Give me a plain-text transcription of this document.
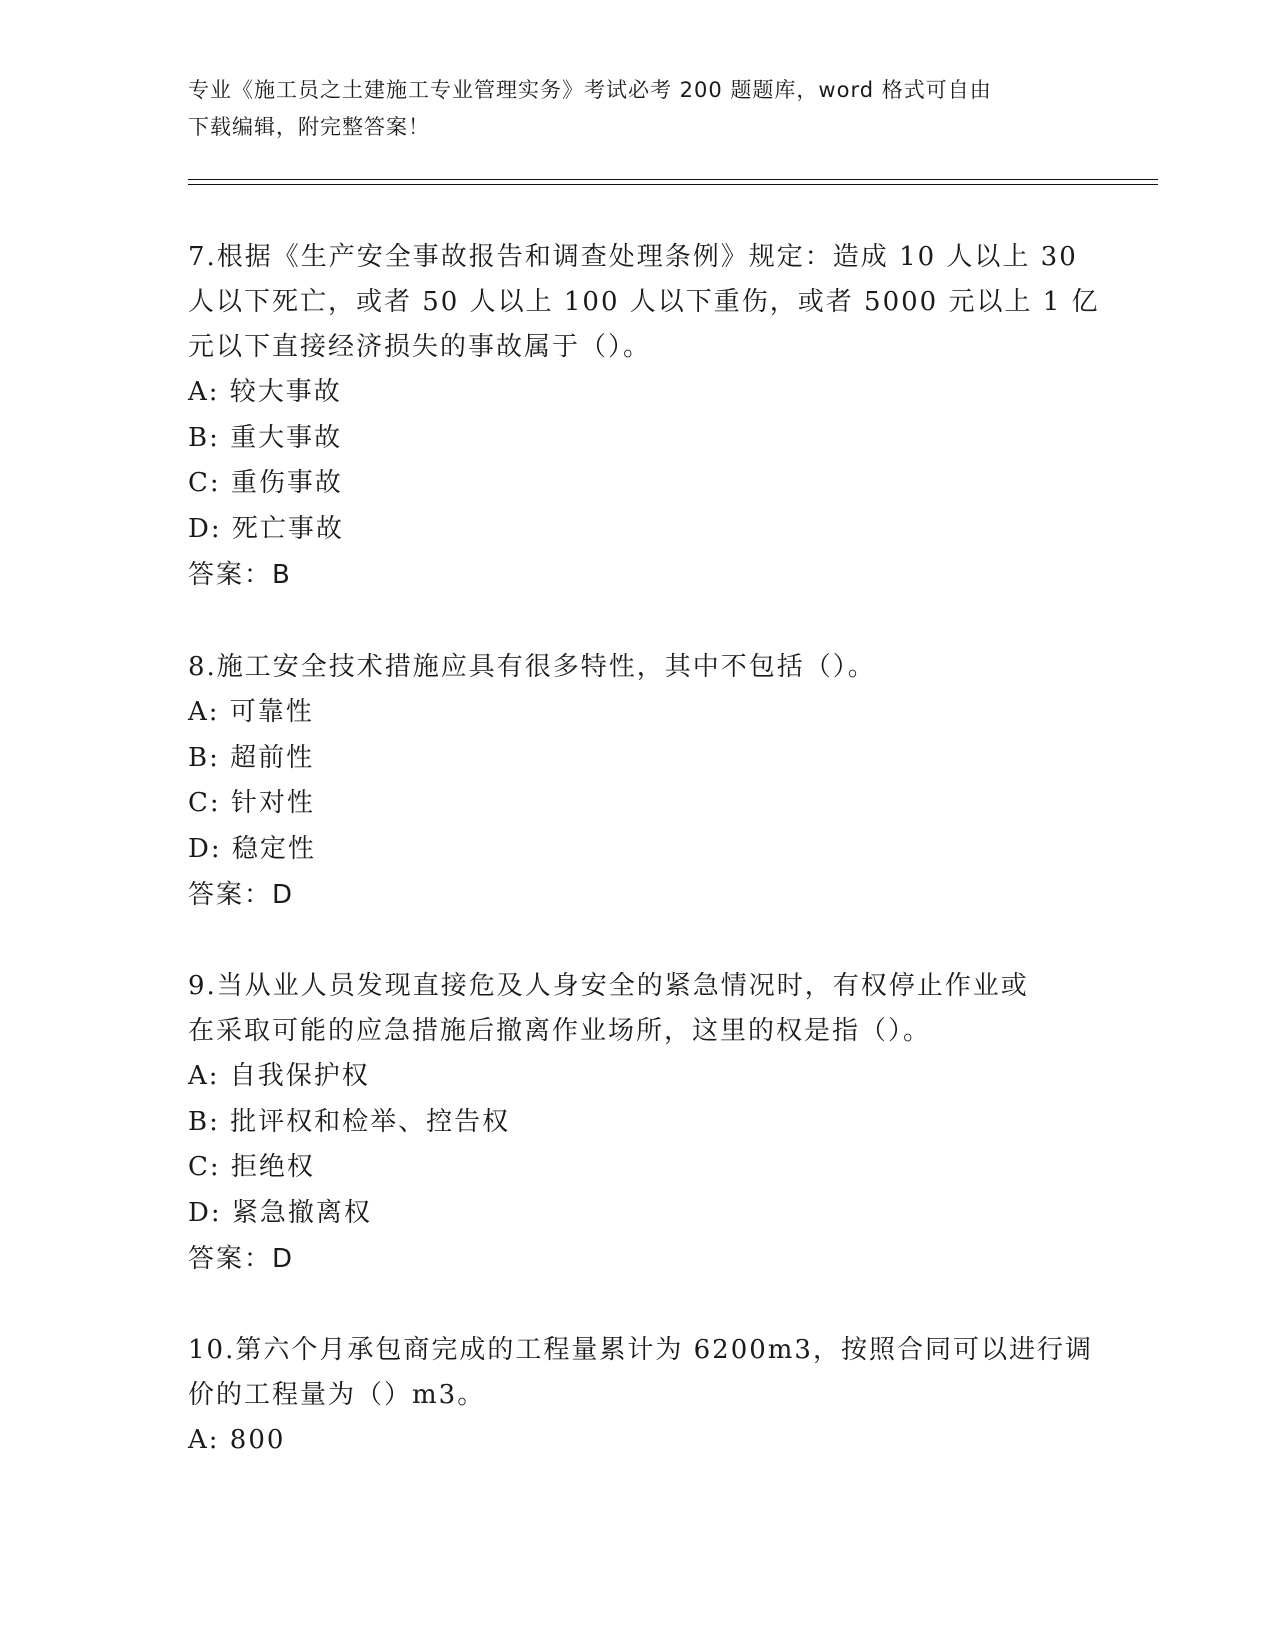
专业《施工员之土建施工专业管理实务》考试必考 200 题题库，word 格式可自由
下载编辑，附完整答案！
7.根据《生产安全事故报告和调查处理条例》规定：造成 10 人以上 30
人以下死亡，或者 50 人以上 100 人以下重伤，或者 5000 元以上 1 亿
元以下直接经济损失的事故属于（）。
A: 较大事故
B: 重大事故
C: 重伤事故
D: 死亡事故
答案：B
8.施工安全技术措施应具有很多特性，其中不包括（）。
A: 可靠性
B: 超前性
C: 针对性
D: 稳定性
答案：D
9.当从业人员发现直接危及人身安全的紧急情况时，有权停止作业或
在采取可能的应急措施后撤离作业场所，这里的权是指（）。
A: 自我保护权
B: 批评权和检举、控告权
C: 拒绝权
D: 紧急撤离权
答案：D
10.第六个月承包商完成的工程量累计为 6200m3，按照合同可以进行调
价的工程量为（）m3。
A: 800
